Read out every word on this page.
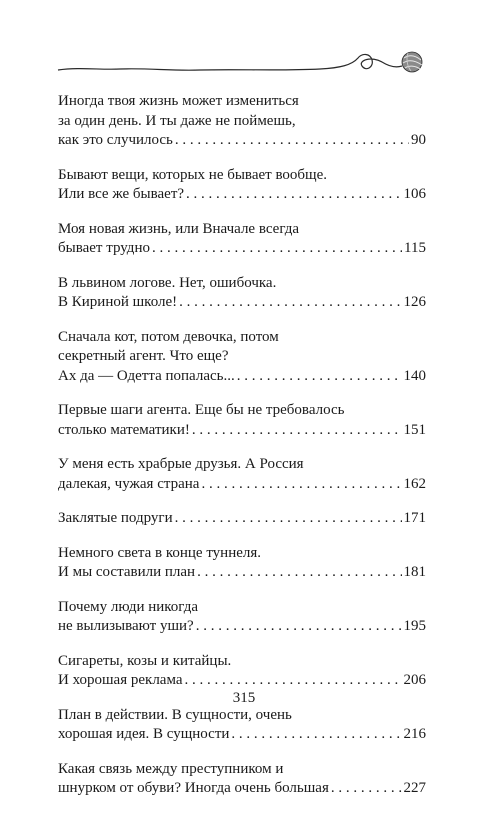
Иногда твоя жизнь может измениться
за один день. И ты даже не поймешь,
как это случилось . . .	90
Бывают вещи, которых не бывает вообще.
Или все же бывает? . . .	106
Моя новая жизнь, или Вначале всегда
бывает трудно . . .	115
В львином логове. Нет, ошибочка.
В Кириной школе! . . .	126
Сначала кот, потом девочка, потом
секретный агент. Что еще?
Ах да — Одетта попалась... . . .	140
Первые шаги агента. Еще бы не требовалось
столько математики! . . .	151
У меня есть храбрые друзья. А Россия
далекая, чужая страна . . .	162
Заклятые подруги . . .	171
Немного света в конце туннеля.
И мы составили план . . .	181
Почему люди никогда
не вылизывают уши? . . .	195
Сигареты, козы и китайцы.
И хорошая реклама . . .	206
План в действии. В сущности, очень
хорошая идея. В сущности . . .	216
Какая связь между преступником и
шнурком от обуви? Иногда очень большая . . .	227
315
